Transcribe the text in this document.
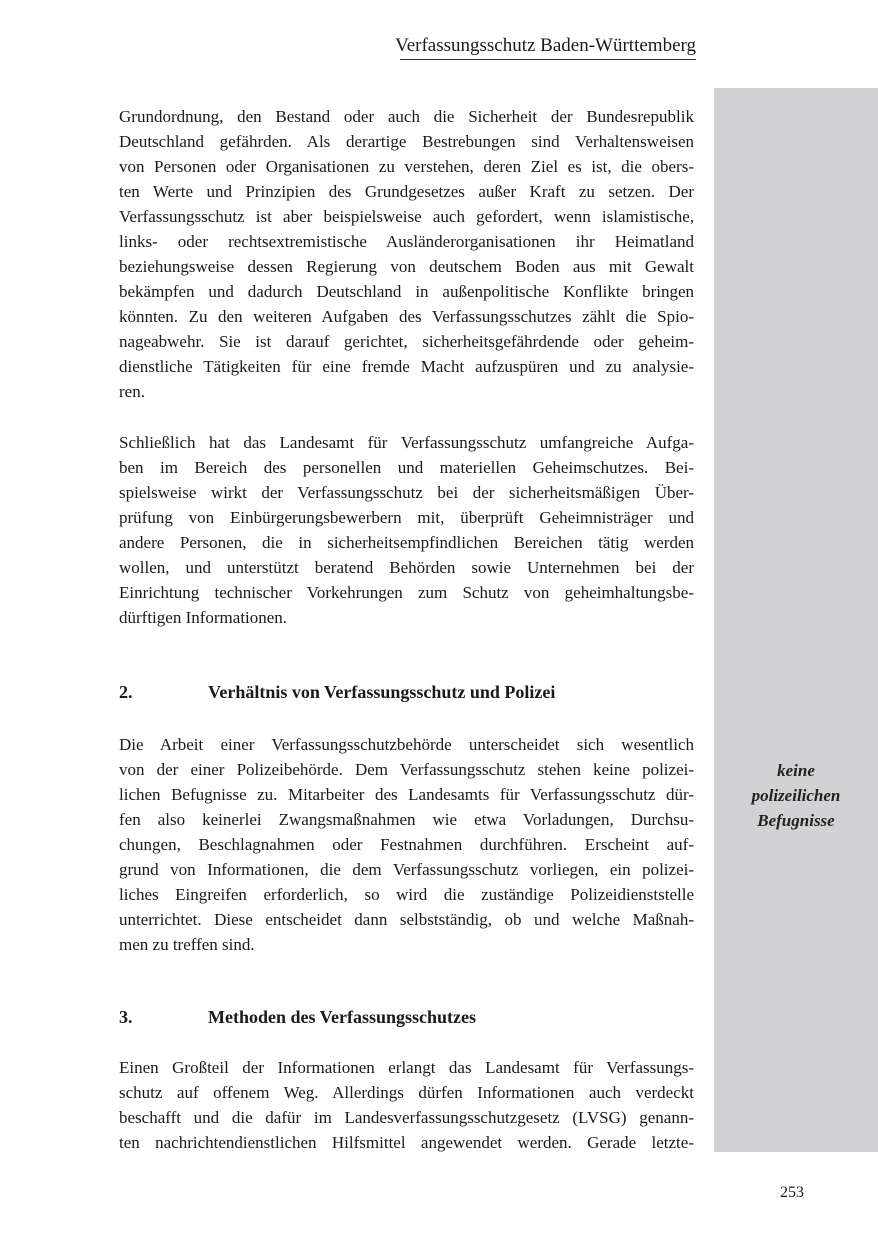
Verfassungsschutz Baden-Württemberg
keine
polizeilichen
Befugnisse
Grundordnung, den Bestand oder auch die Sicherheit der Bundesrepublik
Deutschland gefährden. Als derartige Bestrebungen sind Verhaltensweisen
von Personen oder Organisationen zu verstehen, deren Ziel es ist, die obers-
ten Werte und Prinzipien des Grundgesetzes außer Kraft zu setzen. Der
Verfassungsschutz ist aber beispielsweise auch gefordert, wenn islamistische,
links- oder rechtsextremistische Ausländerorganisationen ihr Heimatland
beziehungsweise dessen Regierung von deutschem Boden aus mit Gewalt
bekämpfen und dadurch Deutschland in außenpolitische Konflikte bringen
könnten. Zu den weiteren Aufgaben des Verfassungsschutzes zählt die Spio-
nageabwehr. Sie ist darauf gerichtet, sicherheitsgefährdende oder geheim-
dienstliche Tätigkeiten für eine fremde Macht aufzuspüren und zu analysie-
ren.
Schließlich hat das Landesamt für Verfassungsschutz umfangreiche Aufga-
ben im Bereich des personellen und materiellen Geheimschutzes. Bei-
spielsweise wirkt der Verfassungsschutz bei der sicherheitsmäßigen Über-
prüfung von Einbürgerungsbewerbern mit, überprüft Geheimnisträger und
andere Personen, die in sicherheitsempfindlichen Bereichen tätig werden
wollen, und unterstützt beratend Behörden sowie Unternehmen bei der
Einrichtung technischer Vorkehrungen zum Schutz von geheimhaltungsbe-
dürftigen Informationen.
2.	Verhältnis von Verfassungsschutz und Polizei
Die Arbeit einer Verfassungsschutzbehörde unterscheidet sich wesentlich
von der einer Polizeibehörde. Dem Verfassungsschutz stehen keine polizei-
lichen Befugnisse zu. Mitarbeiter des Landesamts für Verfassungsschutz dür-
fen also keinerlei Zwangsmaßnahmen wie etwa Vorladungen, Durchsu-
chungen, Beschlagnahmen oder Festnahmen durchführen. Erscheint auf-
grund von Informationen, die dem Verfassungsschutz vorliegen, ein polizei-
liches Eingreifen erforderlich, so wird die zuständige Polizeidienststelle
unterrichtet. Diese entscheidet dann selbstständig, ob und welche Maßnah-
men zu treffen sind.
3.	Methoden des Verfassungsschutzes
Einen Großteil der Informationen erlangt das Landesamt für Verfassungs-
schutz auf offenem Weg. Allerdings dürfen Informationen auch verdeckt
beschafft und die dafür im Landesverfassungsschutzgesetz (LVSG) genann-
ten nachrichtendienstlichen Hilfsmittel angewendet werden. Gerade letzte-
253
